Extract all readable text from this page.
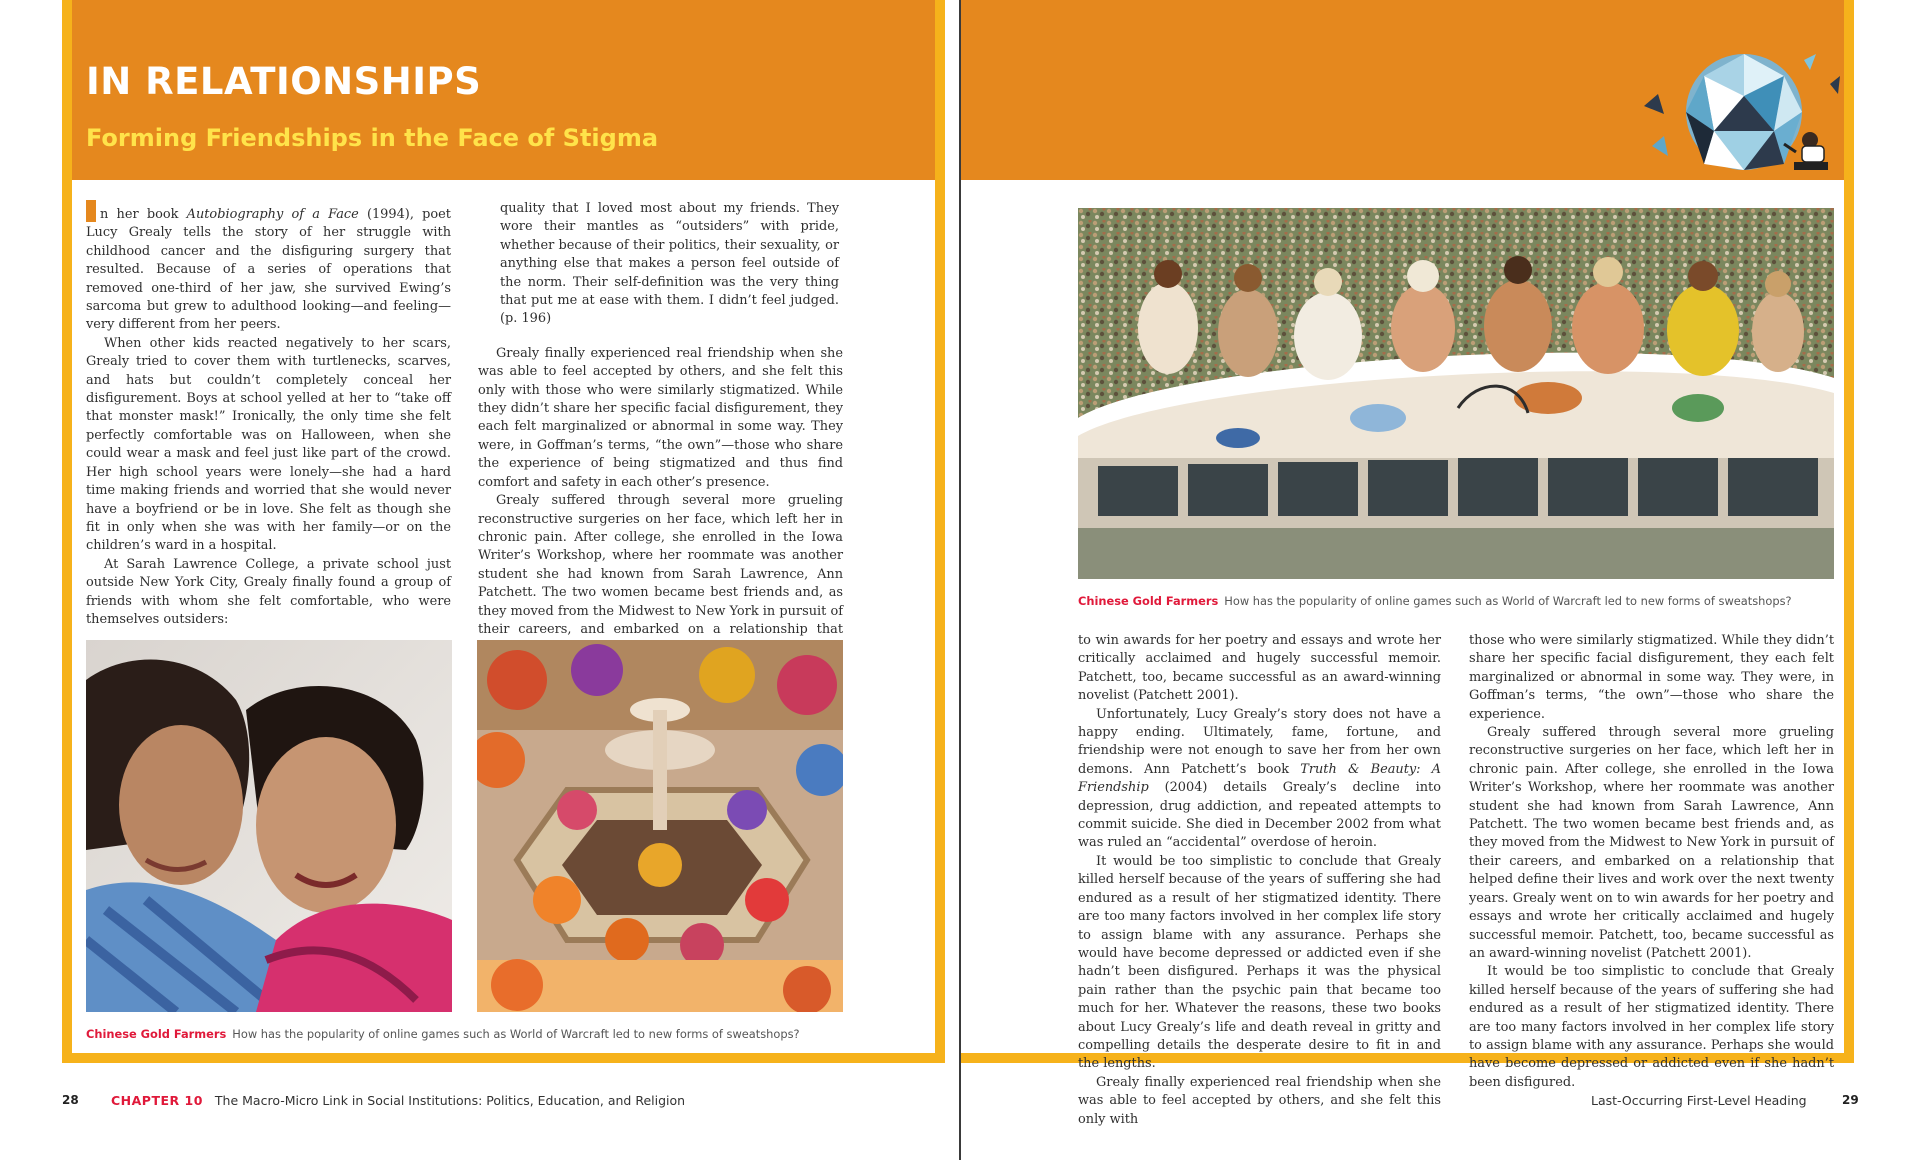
IN RELATIONSHIPS
Forming Friendships in the Face of Stigma

n her book Autobiography of a Face (1994), poet Lucy Grealy tells the story of her struggle with childhood cancer and the disfiguring surgery that resulted. Because of a series of operations that removed one-third of her jaw, she survived Ewing’s sarcoma but grew to adulthood looking—and feeling—very different from her peers.

When other kids reacted negatively to her scars, Grealy tried to cover them with turtlenecks, scarves, and hats but couldn’t completely conceal her disfigurement. Boys at school yelled at her to “take off that monster mask!” Ironically, the only time she felt perfectly comfortable was on Halloween, when she could wear a mask and feel just like part of the crowd. Her high school years were lonely—she had a hard time making friends and worried that she would never have a boyfriend or be in love. She felt as though she fit in only when she was with her family—or on the children’s ward in a hospital.

At Sarah Lawrence College, a private school just outside New York City, Grealy finally found a group of friends with whom she felt comfortable, who were themselves outsiders:

quality that I loved most about my friends. They wore their mantles as “outsiders” with pride, whether because of their politics, their sexuality, or anything else that makes a person feel outside of the norm. Their self-definition was the very thing that put me at ease with them. I didn’t feel judged. (p. 196)

Grealy finally experienced real friendship when she was able to feel accepted by others, and she felt this only with those who were similarly stigmatized. While they didn’t share her specific facial disfigurement, they each felt marginalized or abnormal in some way. They were, in Goffman’s terms, “the own”—those who share the experience of being stigmatized and thus find comfort and safety in each other’s presence.

Grealy suffered through several more grueling reconstructive surgeries on her face, which left her in chronic pain. After college, she enrolled in the Iowa Writer’s Workshop, where her roommate was another student she had known from Sarah Lawrence, Ann Patchett. The two women became best friends and, as they moved from the Midwest to New York in pursuit of their careers, and embarked on a relationship that

Chinese Gold Farmers How has the popularity of online games such as World of Warcraft led to new forms of sweatshops?
28	CHAPTER 10 The Macro-Micro Link in Social Institutions: Politics, Education, and Religion
Chinese Gold Farmers How has the popularity of online games such as World of Warcraft led to new forms of sweatshops?

to win awards for her poetry and essays and wrote her critically acclaimed and hugely successful memoir. Patchett, too, became successful as an award-winning novelist (Patchett 2001).

Unfortunately, Lucy Grealy’s story does not have a happy ending. Ultimately, fame, fortune, and friendship were not enough to save her from her own demons. Ann Patchett’s book Truth & Beauty: A Friendship (2004) details Grealy’s decline into depression, drug addiction, and repeated attempts to commit suicide. She died in December 2002 from what was ruled an “accidental” overdose of heroin.

It would be too simplistic to conclude that Grealy killed herself because of the years of suffering she had endured as a result of her stigmatized identity. There are too many factors involved in her complex life story to assign blame with any assurance. Perhaps she would have become depressed or addicted even if she hadn’t been disfigured. Perhaps it was the physical pain rather than the psychic pain that became too much for her. Whatever the reasons, these two books about Lucy Grealy’s life and death reveal in gritty and compelling details the desperate desire to fit in and the lengths.

Grealy finally experienced real friendship when she was able to feel accepted by others, and she felt this only with

those who were similarly stigmatized. While they didn’t share her specific facial disfigurement, they each felt marginalized or abnormal in some way. They were, in Goffman’s terms, “the own”—those who share the experience.

Grealy suffered through several more grueling reconstructive surgeries on her face, which left her in chronic pain. After college, she enrolled in the Iowa Writer’s Workshop, where her roommate was another student she had known from Sarah Lawrence, Ann Patchett. The two women became best friends and, as they moved from the Midwest to New York in pursuit of their careers, and embarked on a relationship that helped define their lives and work over the next twenty years. Grealy went on to win awards for her poetry and essays and wrote her critically acclaimed and hugely successful memoir. Patchett, too, became successful as an award-winning novelist (Patchett 2001).

It would be too simplistic to conclude that Grealy killed herself because of the years of suffering she had endured as a result of her stigmatized identity. There are too many factors involved in her complex life story to assign blame with any assurance. Perhaps she would have become depressed or addicted even if she hadn’t been disfigured.

Last-Occurring First-Level Heading	29
